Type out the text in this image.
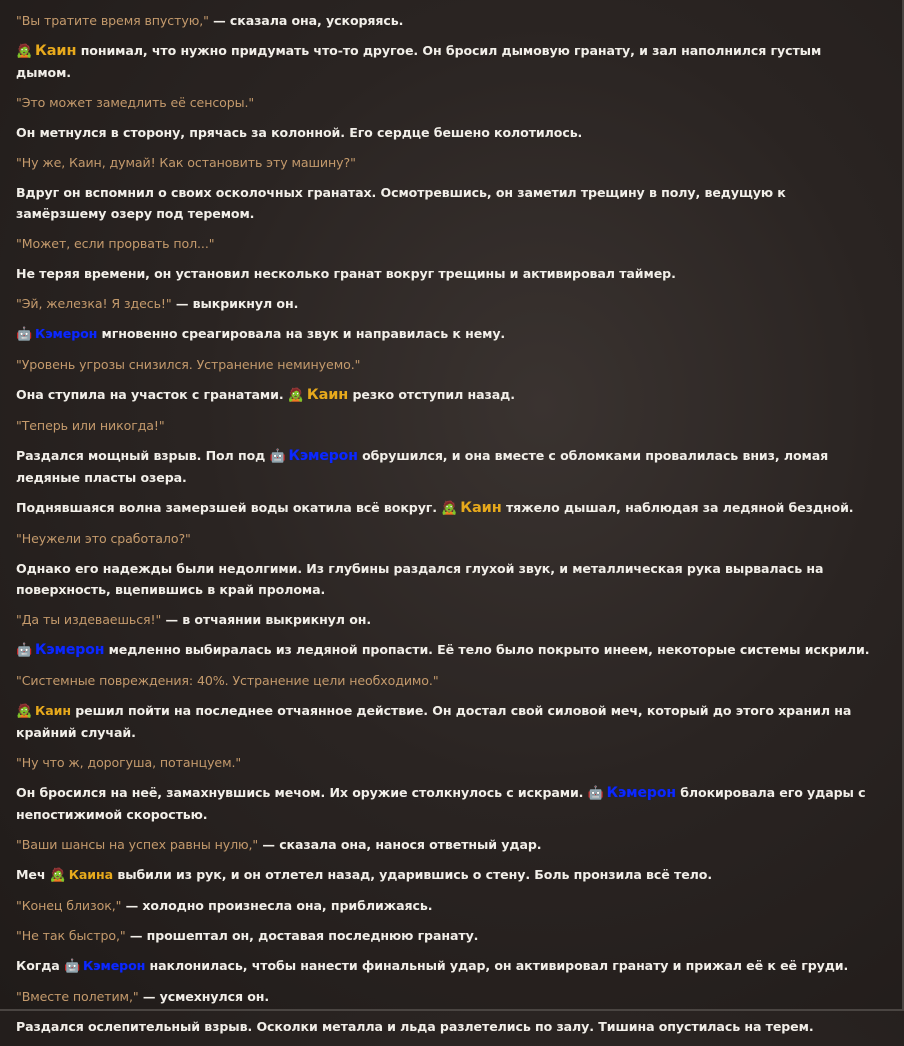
"Вы тратите время впустую," — сказала она, ускоряясь.

🧟 Каин понимал, что нужно придумать что-то другое. Он бросил дымовую гранату, и зал наполнился густым дымом.

"Это может замедлить её сенсоры."

Он метнулся в сторону, прячась за колонной. Его сердце бешено колотилось.

"Ну же, Каин, думай! Как остановить эту машину?"

Вдруг он вспомнил о своих осколочных гранатах. Осмотревшись, он заметил трещину в полу, ведущую к замёрзшему озеру под теремом.

"Может, если прорвать пол..."

Не теряя времени, он установил несколько гранат вокруг трещины и активировал таймер.

"Эй, железка! Я здесь!" — выкрикнул он.

🤖 Кэмерон мгновенно среагировала на звук и направилась к нему.

"Уровень угрозы снизился. Устранение неминуемо."

Она ступила на участок с гранатами. 🧟 Каин резко отступил назад.

"Теперь или никогда!"

Раздался мощный взрыв. Пол под 🤖 Кэмерон обрушился, и она вместе с обломками провалилась вниз, ломая ледяные пласты озера.

Поднявшаяся волна замерзшей воды окатила всё вокруг. 🧟 Каин тяжело дышал, наблюдая за ледяной бездной.

"Неужели это сработало?"

Однако его надежды были недолгими. Из глубины раздался глухой звук, и металлическая рука вырвалась на поверхность, вцепившись в край пролома.

"Да ты издеваешься!" — в отчаянии выкрикнул он.

🤖 Кэмерон медленно выбиралась из ледяной пропасти. Её тело было покрыто инеем, некоторые системы искрили.

"Системные повреждения: 40%. Устранение цели необходимо."

🧟 Каин решил пойти на последнее отчаянное действие. Он достал свой силовой меч, который до этого хранил на крайний случай.

"Ну что ж, дорогуша, потанцуем."

Он бросился на неё, замахнувшись мечом. Их оружие столкнулось с искрами. 🤖 Кэмерон блокировала его удары с непостижимой скоростью.

"Ваши шансы на успех равны нулю," — сказала она, нанося ответный удар.

Меч 🧟 Каина выбили из рук, и он отлетел назад, ударившись о стену. Боль пронзила всё тело.

"Конец близок," — холодно произнесла она, приближаясь.

"Не так быстро," — прошептал он, доставая последнюю гранату.

Когда 🤖 Кэмерон наклонилась, чтобы нанести финальный удар, он активировал гранату и прижал её к её груди.

"Вместе полетим," — усмехнулся он.

Раздался ослепительный взрыв. Осколки металла и льда разлетелись по залу. Тишина опустилась на терем.
